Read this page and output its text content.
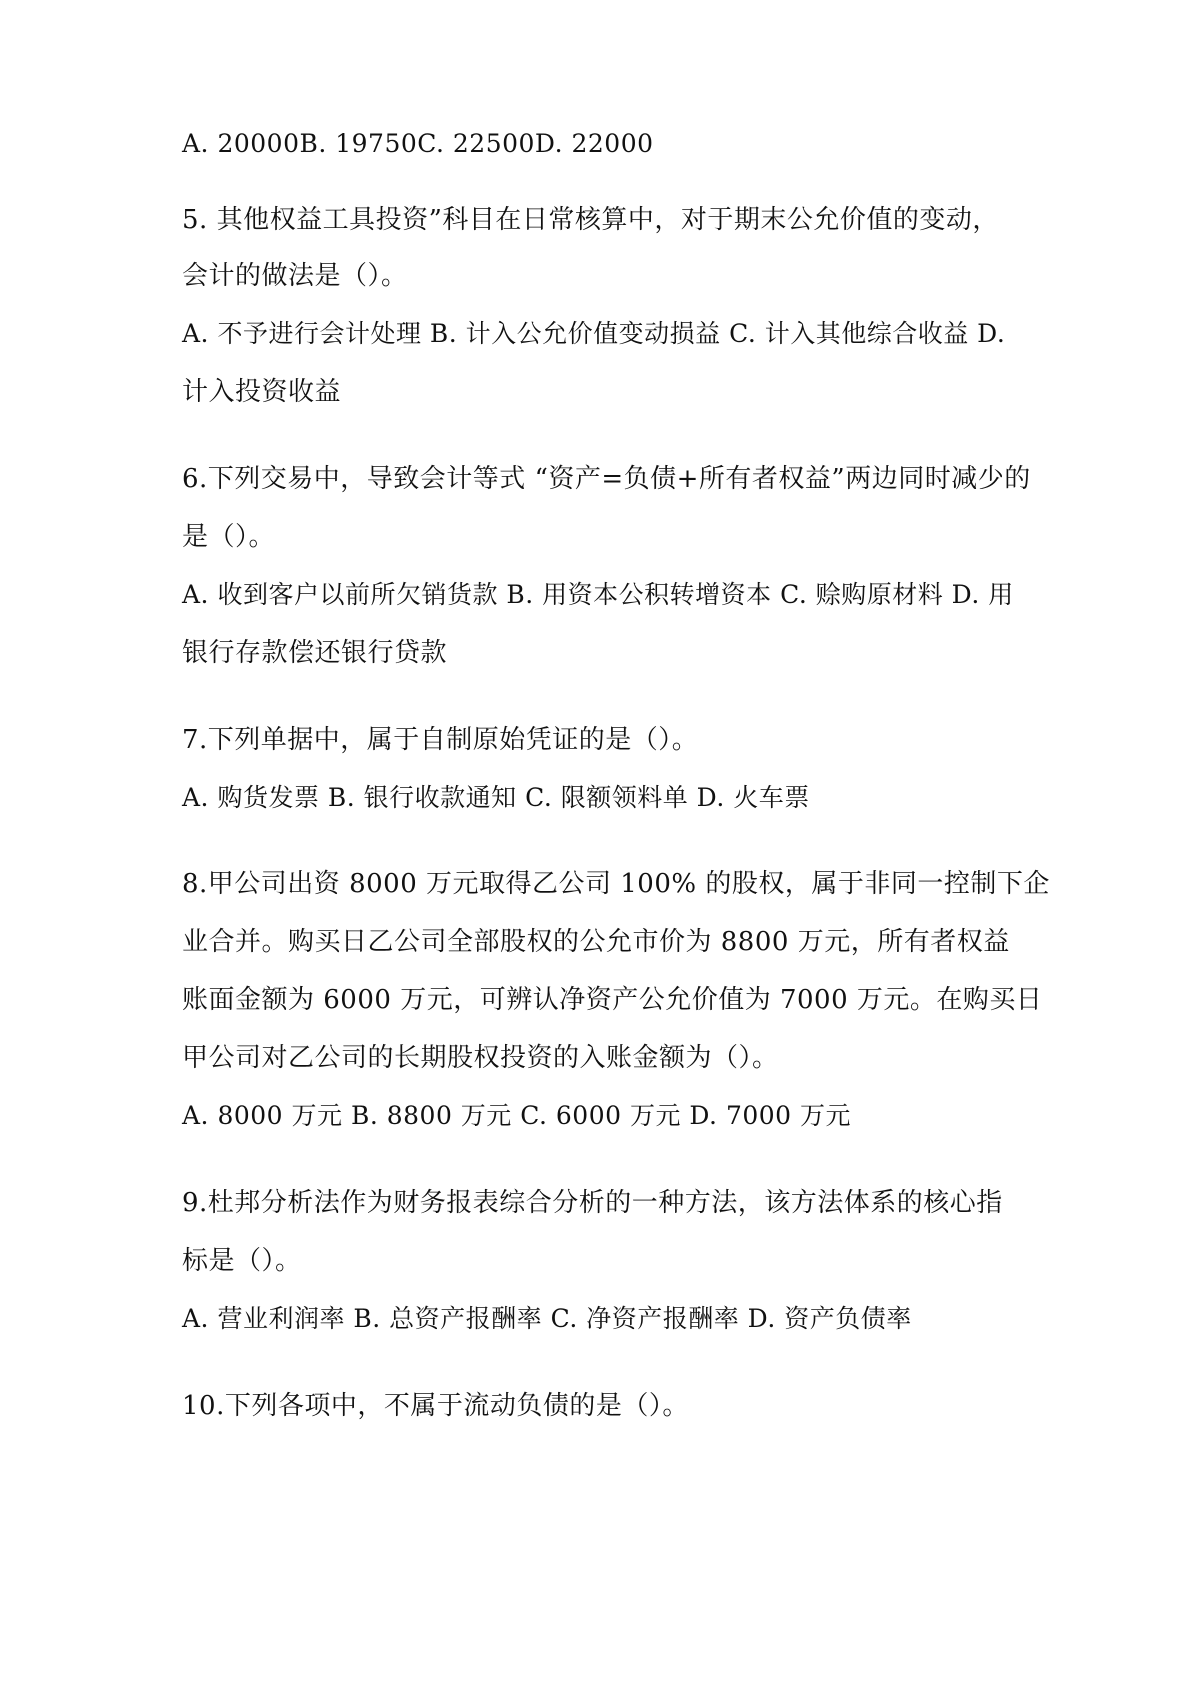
A. 20000B. 19750C. 22500D. 22000
5. 其他权益工具投资”科目在日常核算中，对于期末公允价值的变动，
会计的做法是（）。
A. 不予进行会计处理 B. 计入公允价值变动损益 C. 计入其他综合收益 D.
计入投资收益
6.下列交易中，导致会计等式 “资产=负债+所有者权益”两边同时减少的
是（）。
A. 收到客户以前所欠销货款 B. 用资本公积转增资本 C. 赊购原材料 D. 用
银行存款偿还银行贷款
7.下列单据中，属于自制原始凭证的是（）。
A. 购货发票 B. 银行收款通知 C. 限额领料单 D. 火车票
8.甲公司出资 8000 万元取得乙公司 100% 的股权，属于非同一控制下企
业合并。购买日乙公司全部股权的公允市价为 8800 万元，所有者权益
账面金额为 6000 万元，可辨认净资产公允价值为 7000 万元。在购买日
甲公司对乙公司的长期股权投资的入账金额为（）。
A. 8000 万元 B. 8800 万元 C. 6000 万元 D. 7000 万元
9.杜邦分析法作为财务报表综合分析的一种方法，该方法体系的核心指
标是（）。
A. 营业利润率 B. 总资产报酬率 C. 净资产报酬率 D. 资产负债率
10.下列各项中，不属于流动负债的是（）。
